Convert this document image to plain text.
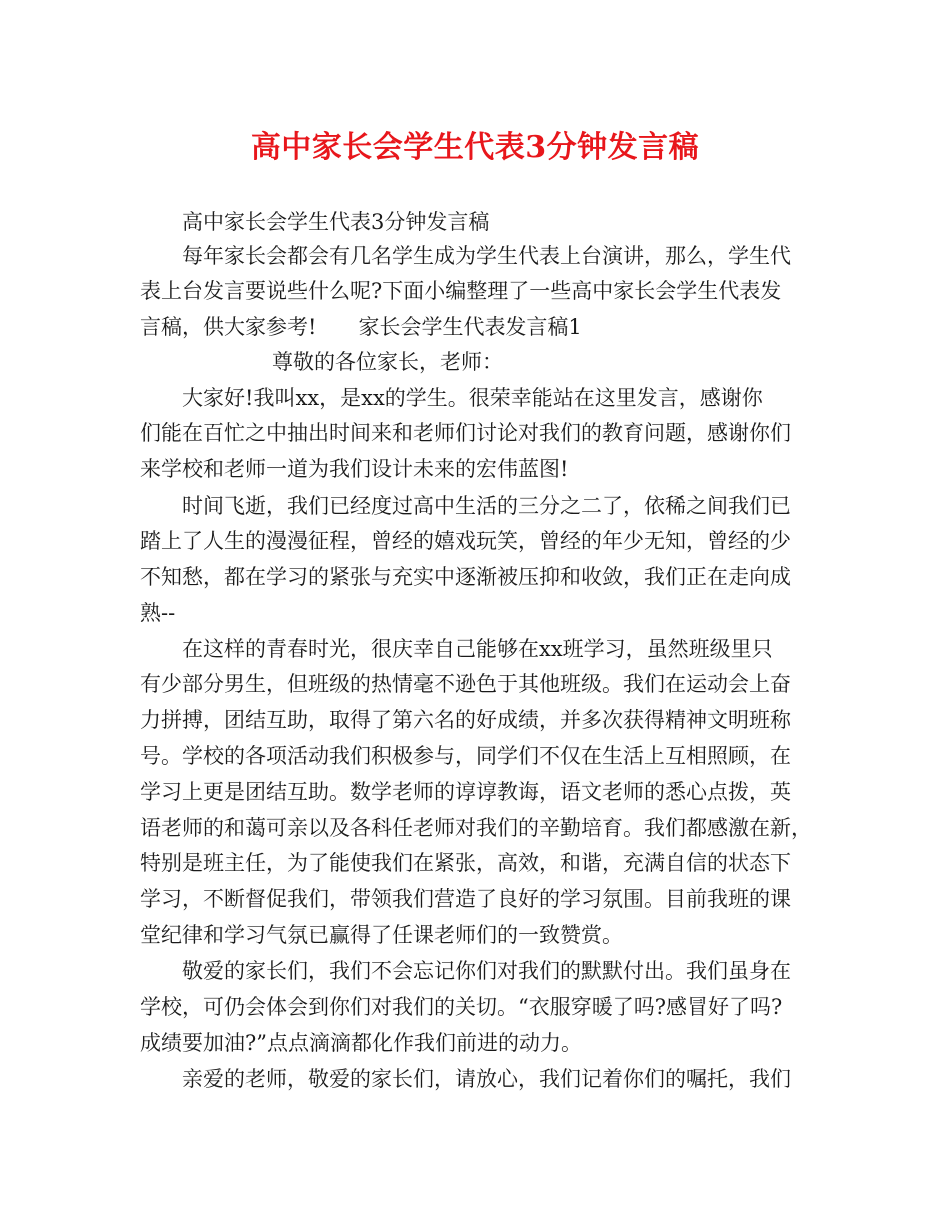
高中家长会学生代表3分钟发言稿
高中家长会学生代表3分钟发言稿
每年家长会都会有几名学生成为学生代表上台演讲，那么，学生代
表上台发言要说些什么呢?下面小编整理了一些高中家长会学生代表发
言稿，供大家参考!　　家长会学生代表发言稿1
尊敬的各位家长，老师：
大家好!我叫xx，是xx的学生。很荣幸能站在这里发言，感谢你
们能在百忙之中抽出时间来和老师们讨论对我们的教育问题，感谢你们
来学校和老师一道为我们设计未来的宏伟蓝图!
时间飞逝，我们已经度过高中生活的三分之二了，依稀之间我们已
踏上了人生的漫漫征程，曾经的嬉戏玩笑，曾经的年少无知，曾经的少
不知愁，都在学习的紧张与充实中逐渐被压抑和收敛，我们正在走向成
熟--
在这样的青春时光，很庆幸自己能够在xx班学习，虽然班级里只
有少部分男生，但班级的热情毫不逊色于其他班级。我们在运动会上奋
力拼搏，团结互助，取得了第六名的好成绩，并多次获得精神文明班称
号。学校的各项活动我们积极参与，同学们不仅在生活上互相照顾，在
学习上更是团结互助。数学老师的谆谆教诲，语文老师的悉心点拨，英
语老师的和蔼可亲以及各科任老师对我们的辛勤培育。我们都感激在新，
特别是班主任，为了能使我们在紧张，高效，和谐，充满自信的状态下
学习，不断督促我们，带领我们营造了良好的学习氛围。目前我班的课
堂纪律和学习气氛已赢得了任课老师们的一致赞赏。
敬爱的家长们，我们不会忘记你们对我们的默默付出。我们虽身在
学校，可仍会体会到你们对我们的关切。“衣服穿暖了吗?感冒好了吗?
成绩要加油?”点点滴滴都化作我们前进的动力。
亲爱的老师，敬爱的家长们，请放心，我们记着你们的嘱托，我们
